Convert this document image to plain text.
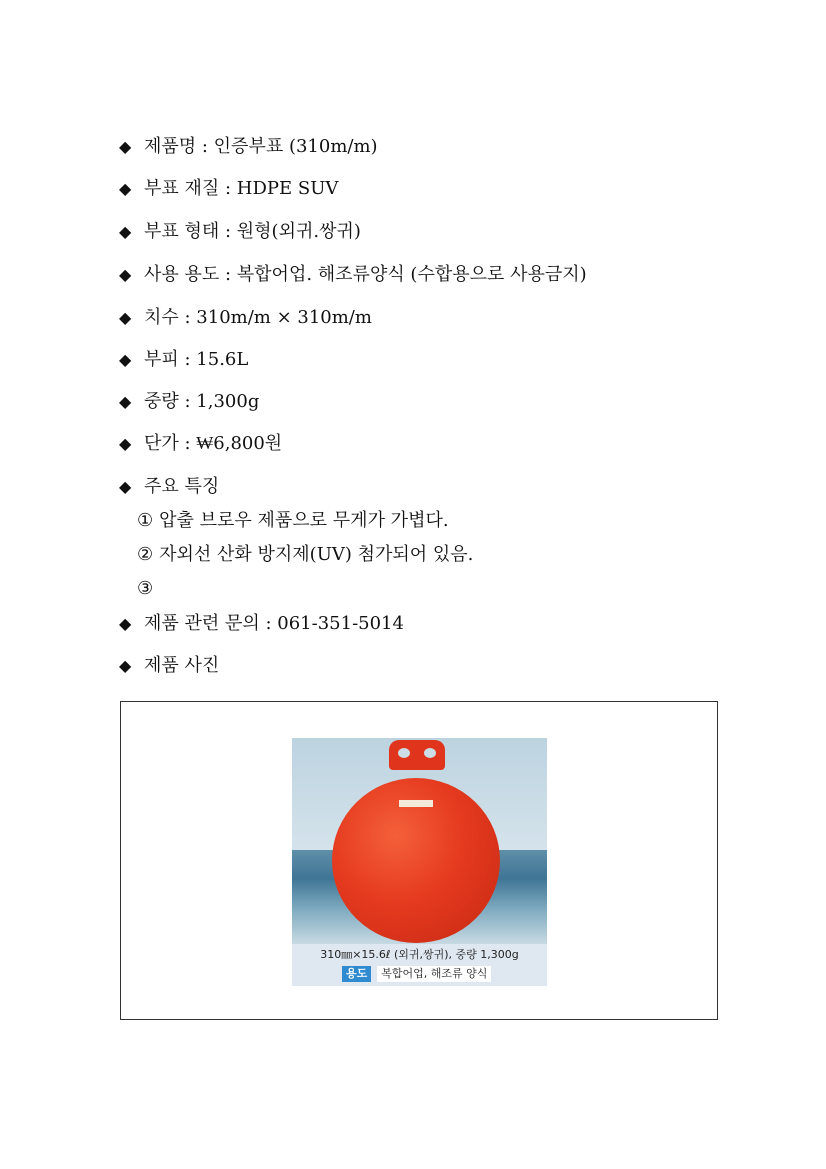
◆ 제품명 : 인증부표 (310m/m)
◆ 부표 재질 : HDPE SUV
◆ 부표 형태 : 원형(외귀.쌍귀)
◆ 사용 용도 : 복합어업. 해조류양식 (수합용으로 사용금지)
◆ 치수 : 310m/m × 310m/m
◆ 부피 : 15.6L
◆ 중량 : 1,300g
◆ 단가 : ₩6,800원
◆ 주요 특징
① 압출 브로우 제품으로 무게가 가볍다.
② 자외선 산화 방지제(UV) 첨가되어 있음.
③
◆ 제품 관련 문의 : 061-351-5014
◆ 제품 사진
310㎜×15.6ℓ (외귀,쌍귀), 중량 1,300g
용도 복합어업, 해조류 양식
